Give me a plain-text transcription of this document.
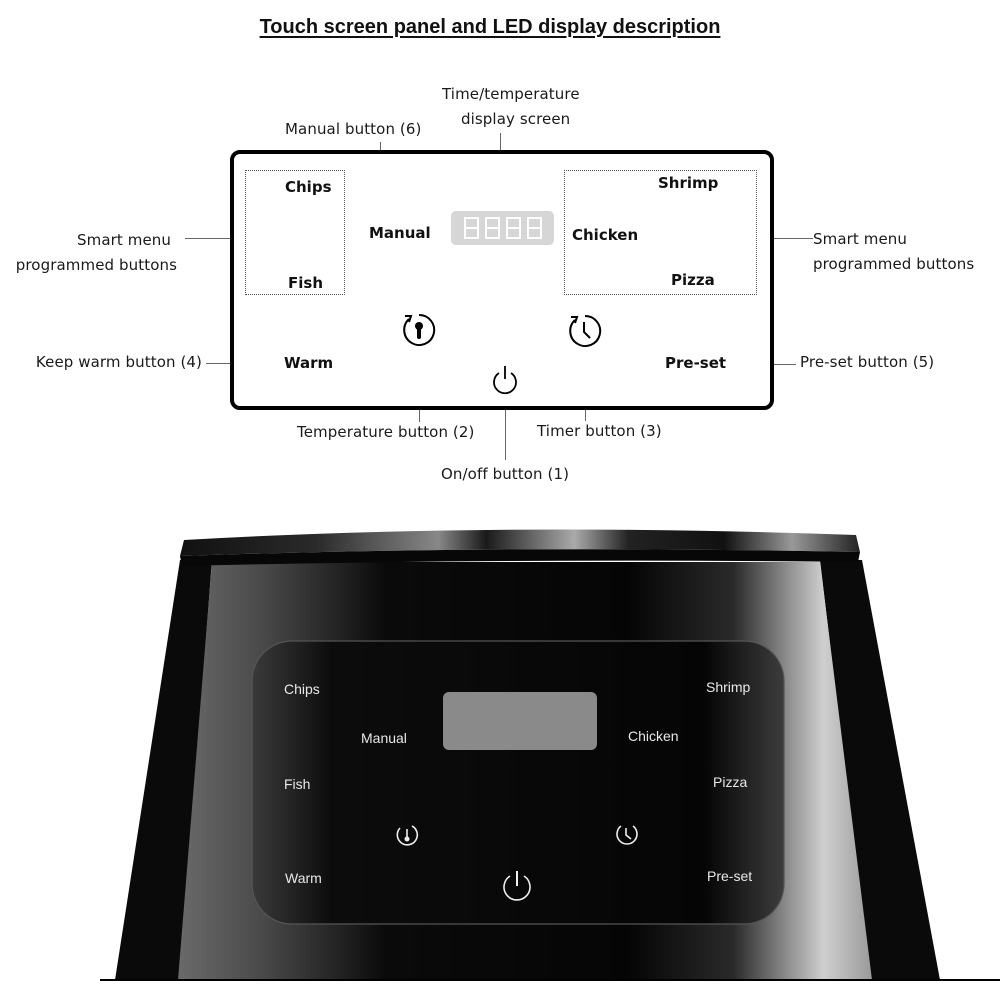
Touch screen panel and LED display description
Manual button (6)
Time/temperature
display screen
Smart menu
programmed buttons
Smart menu
programmed buttons
Keep warm button (4)	Pre-set button (5)
Temperature button (2)	Timer button (3)
On/off button (1)
Chips
Fish
Manual
Shrimp
Chicken
Pizza
Warm	Pre-set
Chips
Manual
Fish
Warm
Shrimp
Chicken
Pizza
Pre-set
